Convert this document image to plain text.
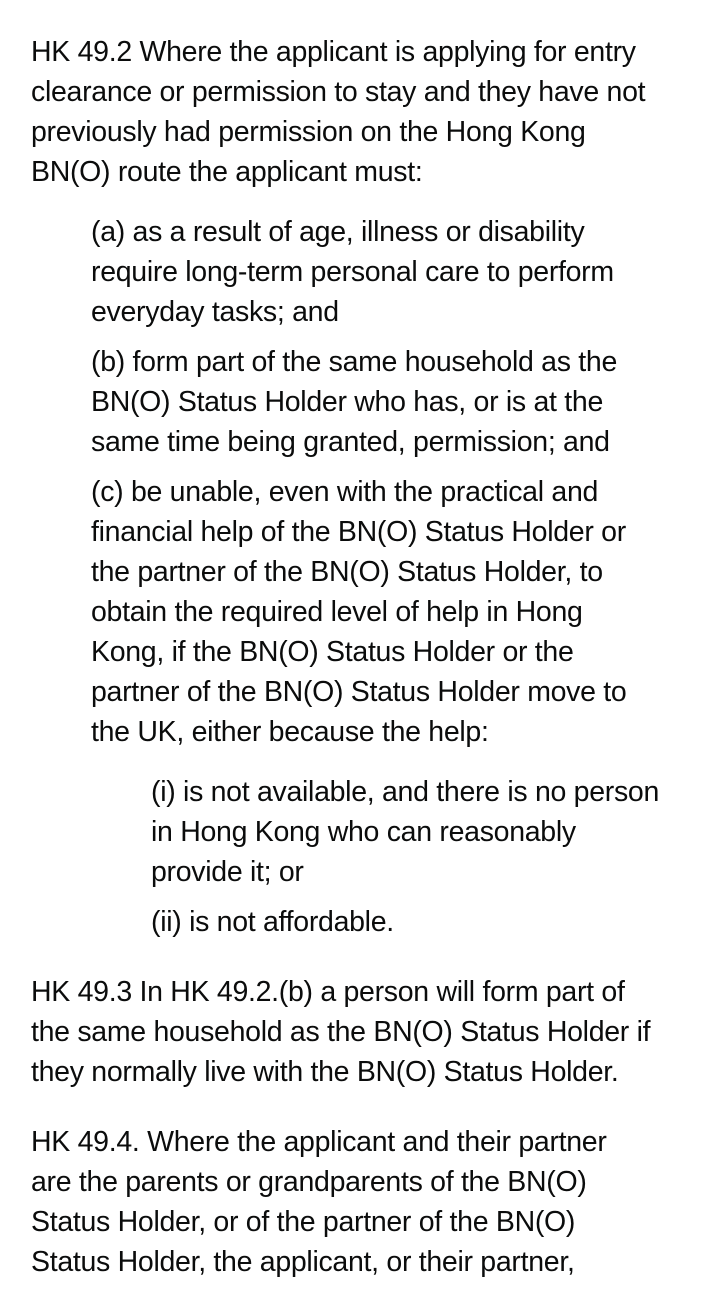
HK 49.2 Where the applicant is applying for entry
clearance or permission to stay and they have not
previously had permission on the Hong Kong
BN(O) route the applicant must:

(a) as a result of age, illness or disability
require long-term personal care to perform
everyday tasks; and

(b) form part of the same household as the
BN(O) Status Holder who has, or is at the
same time being granted, permission; and

(c) be unable, even with the practical and
financial help of the BN(O) Status Holder or
the partner of the BN(O) Status Holder, to
obtain the required level of help in Hong
Kong, if the BN(O) Status Holder or the
partner of the BN(O) Status Holder move to
the UK, either because the help:

(i) is not available, and there is no person
in Hong Kong who can reasonably
provide it; or

(ii) is not affordable.

HK 49.3 In HK 49.2.(b) a person will form part of
the same household as the BN(O) Status Holder if
they normally live with the BN(O) Status Holder.

HK 49.4. Where the applicant and their partner
are the parents or grandparents of the BN(O)
Status Holder, or of the partner of the BN(O)
Status Holder, the applicant, or their partner,
